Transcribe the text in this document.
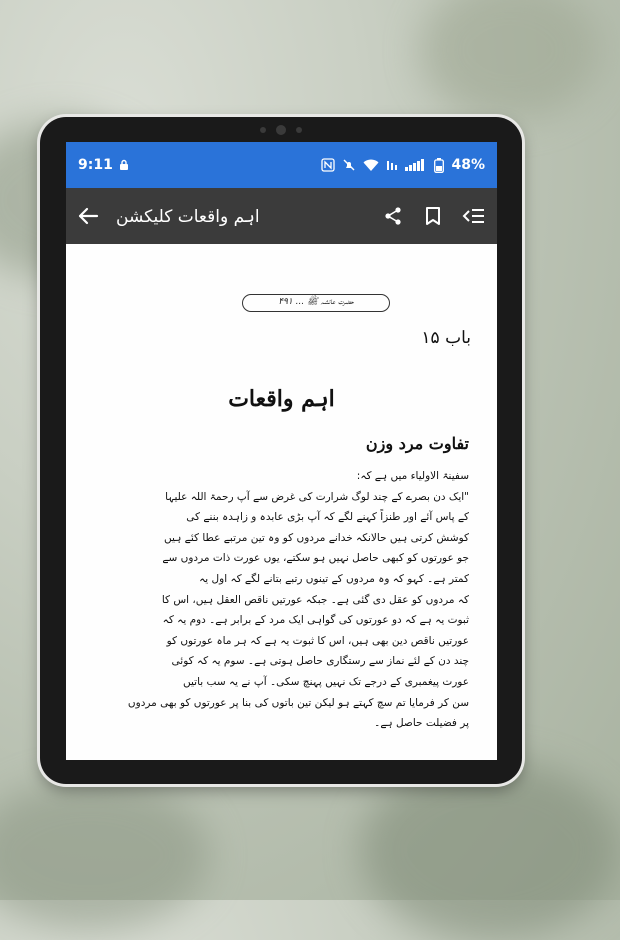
9:11	48%
اہم واقعات کلیکشن
حضرت عائشہ ﷺ ... ۴۹۱
باب ۱۵
اہم واقعات
تفاوت مرد وزن
سفینۃ الاولیاء میں ہے کہ:
"ایک دن بصرے کے چند لوگ شرارت کی غرض سے آپ رحمۃ اللہ علیہا
کے پاس آئے اور طنزاً کہنے لگے کہ آپ بڑی عابدہ و زاہدہ بننے کی
کوشش کرتی ہیں حالانکہ خدانے مردوں کو وہ تین مرتبے عطا کئے ہیں
جو عورتوں کو کبھی حاصل نہیں ہو سکتے، یوں عورت ذات مردوں سے
کمتر ہے۔ کہو کہ وہ مردوں کے تینوں رتبے بتانے لگے کہ اول یہ
کہ مردوں کو عقل دی گئی ہے۔ جبکہ عورتیں ناقص العقل ہیں، اس کا
ثبوت یہ ہے کہ دو عورتوں کی گواہی ایک مرد کے برابر ہے۔ دوم یہ کہ
عورتیں ناقص دین بھی ہیں، اس کا ثبوت یہ ہے کہ ہر ماہ عورتوں کو
چند دن کے لئے نماز سے رستگاری حاصل ہوتی ہے۔ سوم یہ کہ کوئی
عورت پیغمبری کے درجے تک نہیں پہنچ سکی۔ آپ نے یہ سب باتیں
سن کر فرمایا تم سچ کہتے ہو لیکن تین باتوں کی بنا پر عورتوں کو بھی مردوں
پر فضیلت حاصل ہے۔
